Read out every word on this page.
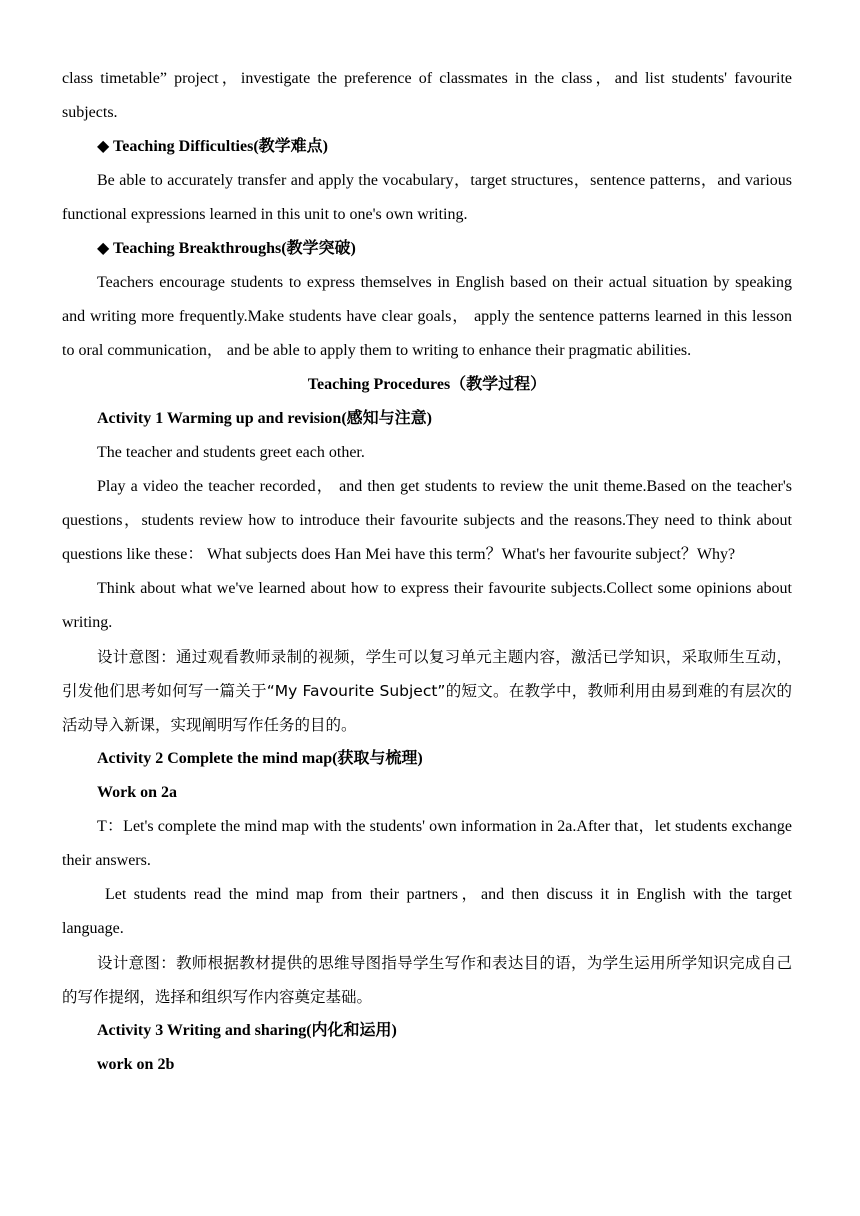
class timetable” project，investigate the preference of classmates in the class，and list students' favourite subjects.

◆ Teaching Difficulties(教学难点)

Be able to accurately transfer and apply the vocabulary，target structures，sentence patterns，and various functional expressions learned in this unit to one's own writing.

◆ Teaching Breakthroughs(教学突破)

Teachers encourage students to express themselves in English based on their actual situation by speaking and writing more frequently.Make students have clear goals， apply the sentence patterns learned in this lesson to oral communication， and be able to apply them to writing to enhance their pragmatic abilities.

Teaching Procedures（教学过程）

Activity 1 Warming up and revision(感知与注意)

The teacher and students greet each other.

Play a video the teacher recorded， and then get students to review the unit theme.Based on the teacher's questions，students review how to introduce their favourite subjects and the reasons.They need to think about questions like these： What subjects does Han Mei have this term？What's her favourite subject？Why?

Think about what we've learned about how to express their favourite subjects.Collect some opinions about writing.

设计意图：通过观看教师录制的视频，学生可以复习单元主题内容，激活已学知识，采取师生互动，引发他们思考如何写一篇关于“My Favourite Subject”的短文。在教学中，教师利用由易到难的有层次的活动导入新课，实现阐明写作任务的目的。

Activity 2 Complete the mind map(获取与梳理)

Work on 2a

T：Let's complete the mind map with the students' own information in 2a.After that，let students exchange their answers.

Let students read the mind map from their partners，and then discuss it in English with the target language.

设计意图：教师根据教材提供的思维导图指导学生写作和表达目的语，为学生运用所学知识完成自己的写作提纲，选择和组织写作内容奠定基础。

Activity 3 Writing and sharing(内化和运用)

work on 2b
